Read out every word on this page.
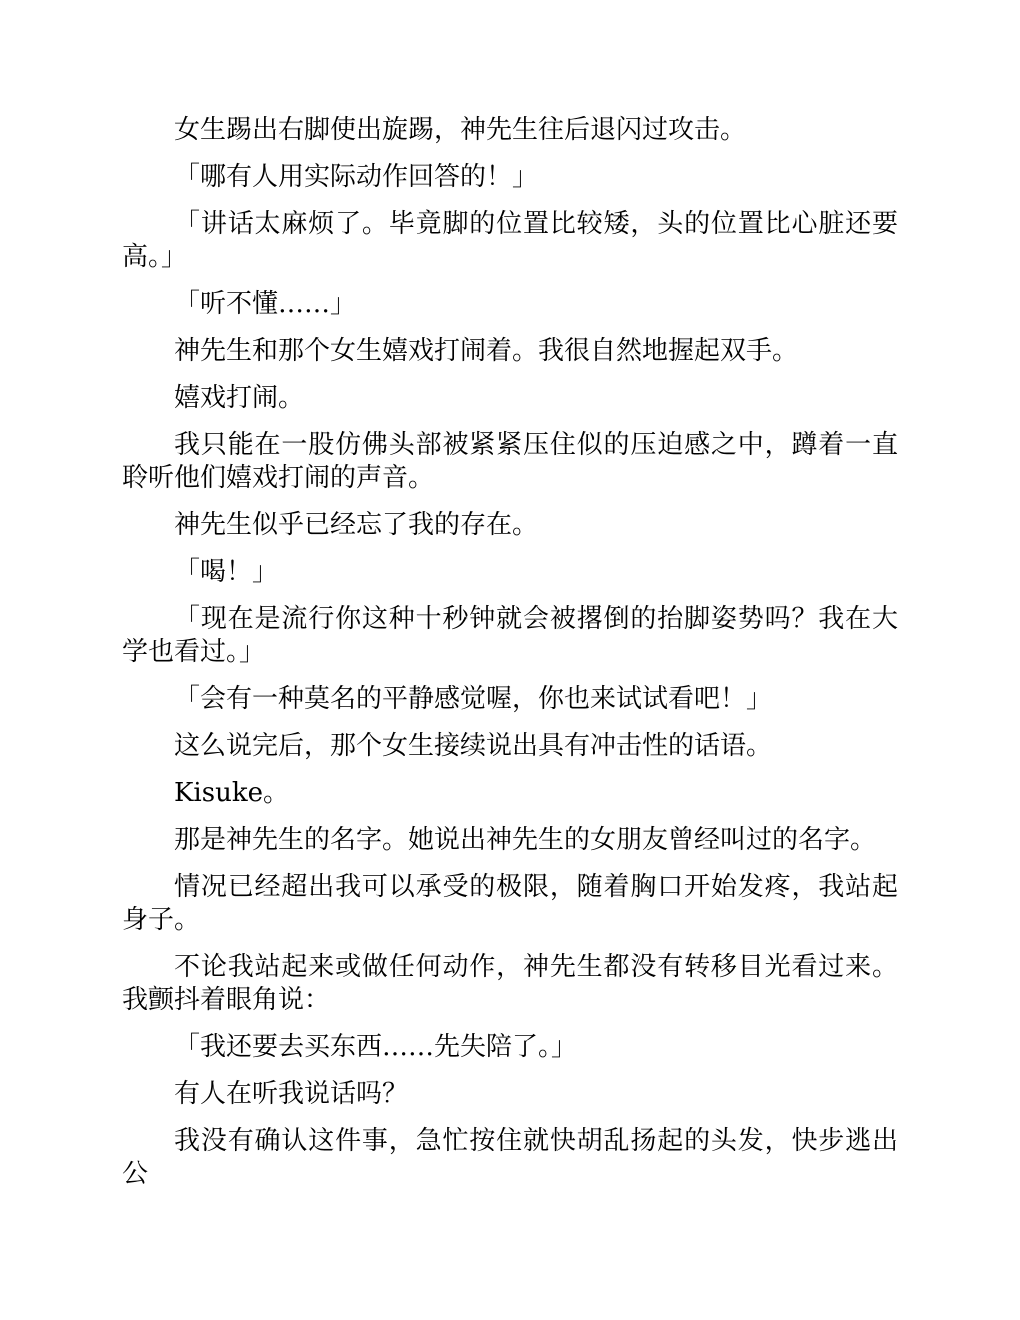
女生踢出右脚使出旋踢，神先生往后退闪过攻击。

「哪有人用实际动作回答的！」

「讲话太麻烦了。毕竟脚的位置比较矮，头的位置比心脏还要高。」

「听不懂……」

神先生和那个女生嬉戏打闹着。我很自然地握起双手。

嬉戏打闹。

我只能在一股仿佛头部被紧紧压住似的压迫感之中，蹲着一直聆听他们嬉戏打闹的声音。

神先生似乎已经忘了我的存在。

「喝！」

「现在是流行你这种十秒钟就会被撂倒的抬脚姿势吗？我在大学也看过。」

「会有一种莫名的平静感觉喔，你也来试试看吧！」

这么说完后，那个女生接续说出具有冲击性的话语。

Kisuke。

那是神先生的名字。她说出神先生的女朋友曾经叫过的名字。

情况已经超出我可以承受的极限，随着胸口开始发疼，我站起身子。

不论我站起来或做任何动作，神先生都没有转移目光看过来。我颤抖着眼角说：

「我还要去买东西……先失陪了。」

有人在听我说话吗？

我没有确认这件事，急忙按住就快胡乱扬起的头发，快步逃出公
